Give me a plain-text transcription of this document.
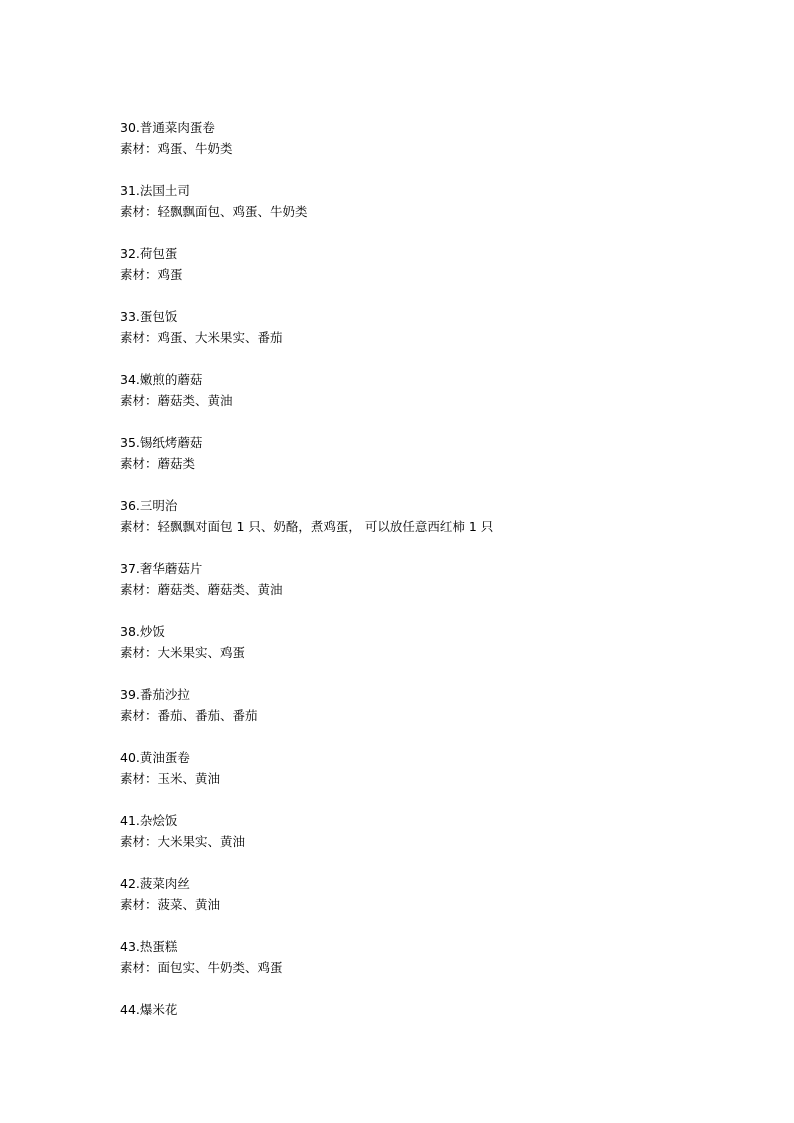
30.普通菜肉蛋卷
素材：鸡蛋、牛奶类
31.法国土司
素材：轻飘飘面包、鸡蛋、牛奶类
32.荷包蛋
素材：鸡蛋
33.蛋包饭
素材：鸡蛋、大米果实、番茄
34.嫩煎的蘑菇
素材：蘑菇类、黄油
35.锡纸烤蘑菇
素材：蘑菇类
36.三明治
素材：轻飘飘对面包 1 只、奶酪，煮鸡蛋， 可以放任意西红柿 1 只
37.奢华蘑菇片
素材：蘑菇类、蘑菇类、黄油
38.炒饭
素材：大米果实、鸡蛋
39.番茄沙拉
素材：番茄、番茄、番茄
40.黄油蛋卷
素材：玉米、黄油
41.杂烩饭
素材：大米果实、黄油
42.菠菜肉丝
素材：菠菜、黄油
43.热蛋糕
素材：面包实、牛奶类、鸡蛋
44.爆米花
